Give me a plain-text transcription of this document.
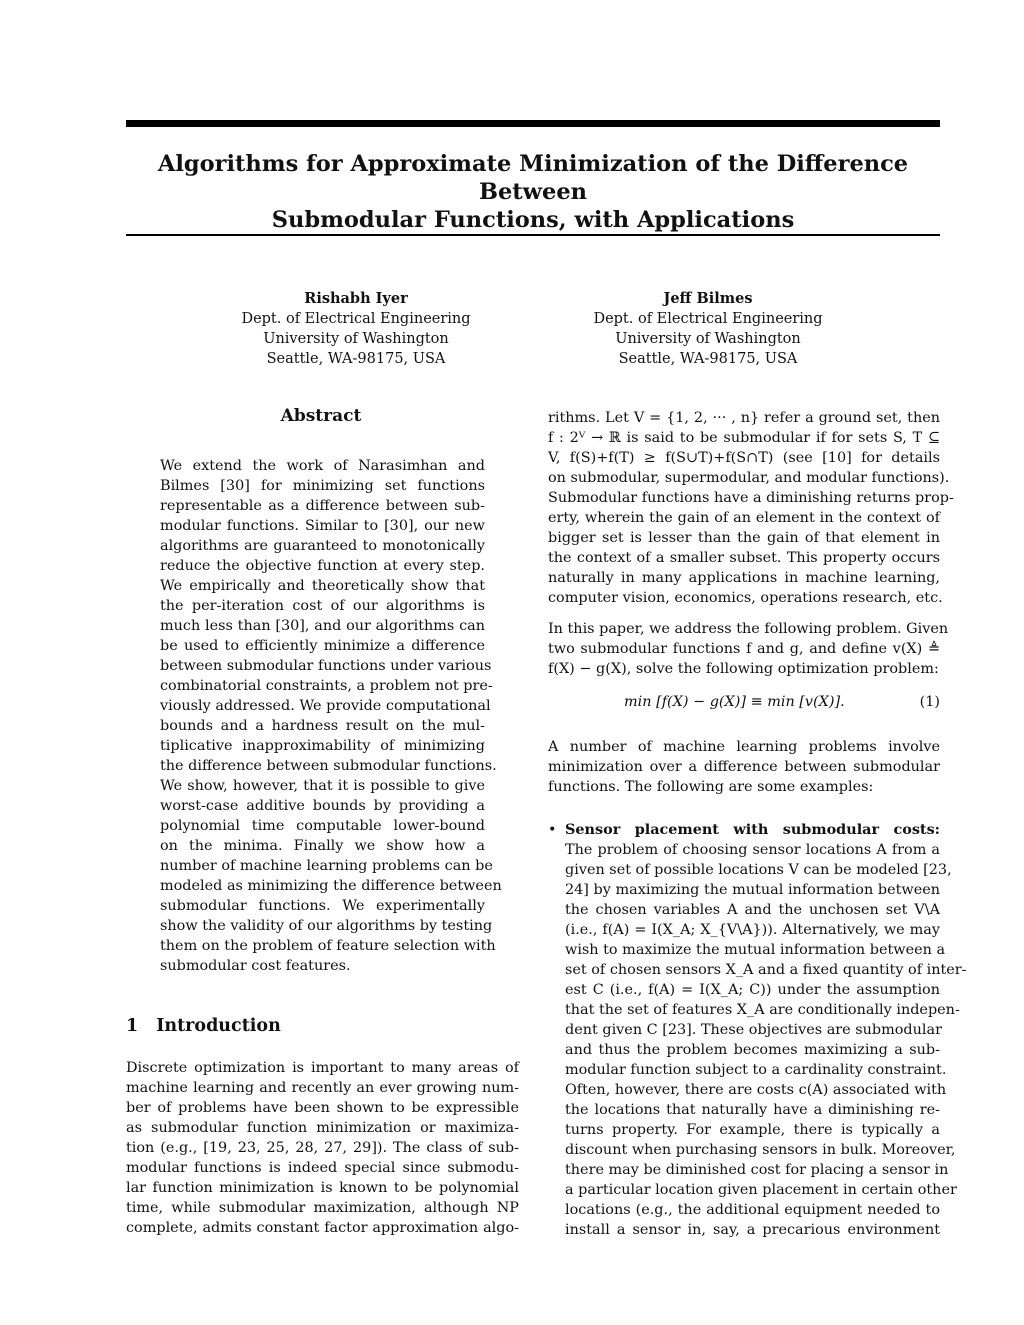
Algorithms for Approximate Minimization of the Difference Between
Submodular Functions, with Applications
Rishabh Iyer
Dept. of Electrical Engineering
University of Washington
Seattle, WA-98175, USA
Jeff Bilmes
Dept. of Electrical Engineering
University of Washington
Seattle, WA-98175, USA
Abstract
We extend the work of Narasimhan and
Bilmes [30] for minimizing set functions
representable as a difference between sub-
modular functions. Similar to [30], our new
algorithms are guaranteed to monotonically
reduce the objective function at every step.
We empirically and theoretically show that
the per-iteration cost of our algorithms is
much less than [30], and our algorithms can
be used to efficiently minimize a difference
between submodular functions under various
combinatorial constraints, a problem not pre-
viously addressed. We provide computational
bounds and a hardness result on the mul-
tiplicative inapproximability of minimizing
the difference between submodular functions.
We show, however, that it is possible to give
worst-case additive bounds by providing a
polynomial time computable lower-bound
on the minima. Finally we show how a
number of machine learning problems can be
modeled as minimizing the difference between
submodular functions. We experimentally
show the validity of our algorithms by testing
them on the problem of feature selection with
submodular cost features.
1 Introduction
Discrete optimization is important to many areas of
machine learning and recently an ever growing num-
ber of problems have been shown to be expressible
as submodular function minimization or maximiza-
tion (e.g., [19, 23, 25, 28, 27, 29]). The class of sub-
modular functions is indeed special since submodu-
lar function minimization is known to be polynomial
time, while submodular maximization, although NP
complete, admits constant factor approximation algo-
rithms. Let V = {1, 2, ··· , n} refer a ground set, then
f : 2ⱽ → ℝ is said to be submodular if for sets S, T ⊆
V, f(S)+f(T) ≥ f(S∪T)+f(S∩T) (see [10] for details
on submodular, supermodular, and modular functions).
Submodular functions have a diminishing returns prop-
erty, wherein the gain of an element in the context of
bigger set is lesser than the gain of that element in
the context of a smaller subset. This property occurs
naturally in many applications in machine learning,
computer vision, economics, operations research, etc.
In this paper, we address the following problem. Given
two submodular functions f and g, and define v(X) ≜
f(X) − g(X), solve the following optimization problem:
min [f(X) − g(X)] ≡ min [v(X)].	(1)
A number of machine learning problems involve
minimization over a difference between submodular
functions. The following are some examples:
• Sensor placement with submodular costs:
The problem of choosing sensor locations A from a
given set of possible locations V can be modeled [23,
24] by maximizing the mutual information between
the chosen variables A and the unchosen set V\A
(i.e., f(A) = I(X_A; X_{V\A})). Alternatively, we may
wish to maximize the mutual information between a
set of chosen sensors X_A and a fixed quantity of inter-
est C (i.e., f(A) = I(X_A; C)) under the assumption
that the set of features X_A are conditionally indepen-
dent given C [23]. These objectives are submodular
and thus the problem becomes maximizing a sub-
modular function subject to a cardinality constraint.
Often, however, there are costs c(A) associated with
the locations that naturally have a diminishing re-
turns property. For example, there is typically a
discount when purchasing sensors in bulk. Moreover,
there may be diminished cost for placing a sensor in
a particular location given placement in certain other
locations (e.g., the additional equipment needed to
install a sensor in, say, a precarious environment
